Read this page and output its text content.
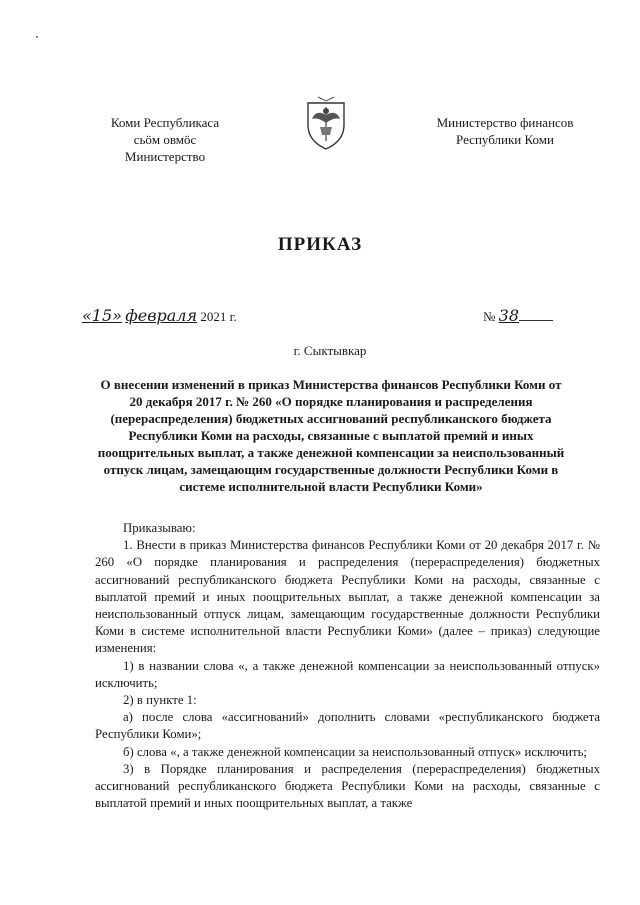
Коми Республикаса
сьӧм овмӧс
Министерство
Министерство финансов
Республики Коми
ПРИКАЗ
«15» февраля 2021 г.	№ 38
г. Сыктывкар
О внесении изменений в приказ Министерства финансов Республики Коми от 20 декабря 2017 г. № 260 «О порядке планирования и распределения (перераспределения) бюджетных ассигнований республиканского бюджета Республики Коми на расходы, связанные с выплатой премий и иных поощрительных выплат, а также денежной компенсации за неиспользованный отпуск лицам, замещающим государственные должности Республики Коми в системе исполнительной власти Республики Коми»

Приказываю:

1. Внести в приказ Министерства финансов Республики Коми от 20 декабря 2017 г. № 260 «О порядке планирования и распределения (перераспределения) бюджетных ассигнований республиканского бюджета Республики Коми на расходы, связанные с выплатой премий и иных поощрительных выплат, а также денежной компенсации за неиспользованный отпуск лицам, замещающим государственные должности Республики Коми в системе исполнительной власти Республики Коми» (далее – приказ) следующие изменения:

1) в названии слова «, а также денежной компенсации за неиспользованный отпуск» исключить;

2) в пункте 1:

а) после слова «ассигнований» дополнить словами «республиканского бюджета Республики Коми»;

б) слова «, а также денежной компенсации за неиспользованный отпуск» исключить;

3) в Порядке планирования и распределения (перераспределения) бюджетных ассигнований республиканского бюджета Республики Коми на расходы, связанные с выплатой премий и иных поощрительных выплат, а также
